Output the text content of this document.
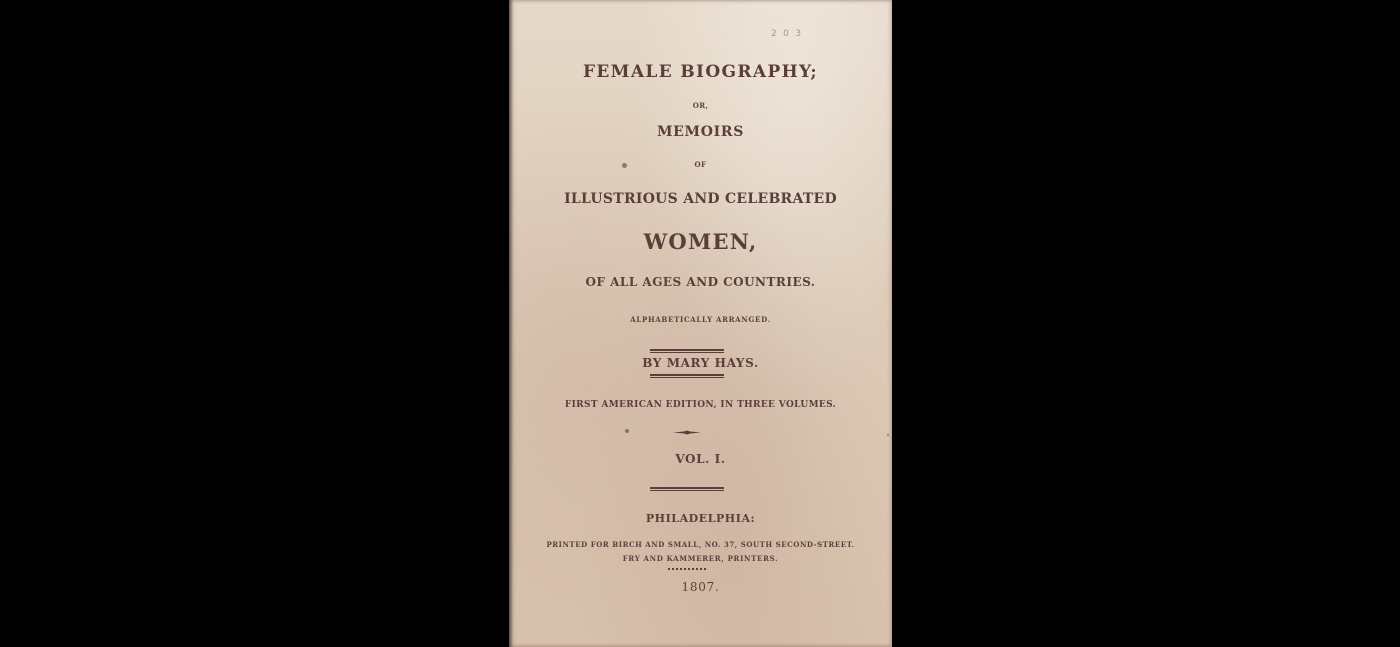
2 0 3
FEMALE BIOGRAPHY;
OR,
MEMOIRS
OF
ILLUSTRIOUS AND CELEBRATED
WOMEN,
OF ALL AGES AND COUNTRIES.
ALPHABETICALLY ARRANGED.
BY MARY HAYS.
FIRST AMERICAN EDITION, IN THREE VOLUMES.
VOL. I.
PHILADELPHIA:
PRINTED FOR BIRCH AND SMALL, NO. 37, SOUTH SECOND-STREET.
FRY AND KAMMERER, PRINTERS.
1807.
